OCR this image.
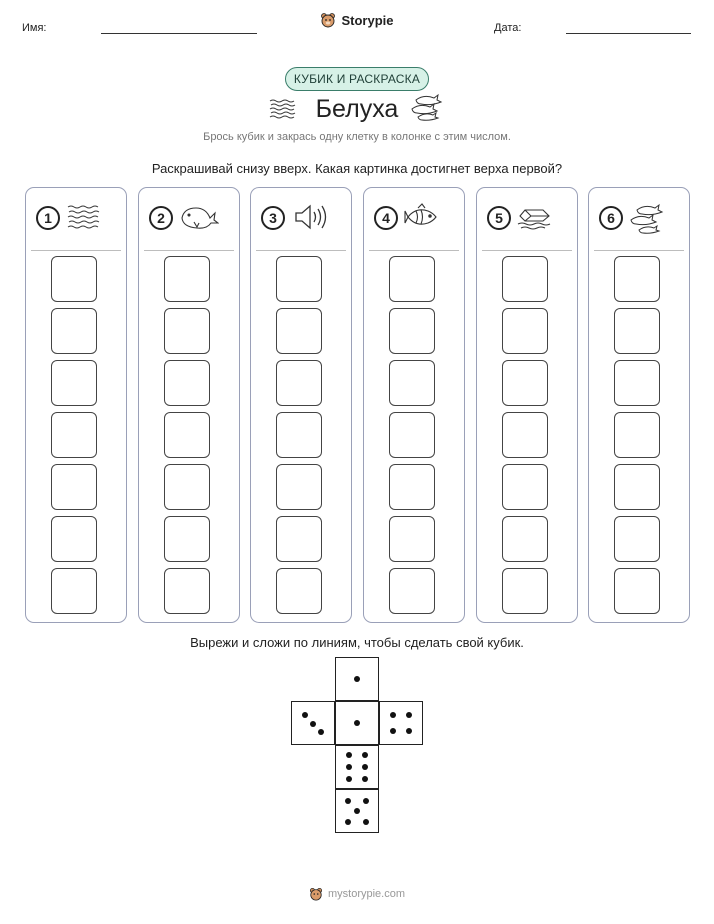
Имя:
Storypie
Дата:
КУБИК И РАСКРАСКА
Белуха
Брось кубик и закрась одну клетку в колонке с этим числом.
Раскрашивай снизу вверх. Какая картинка достигнет верха первой?
1	2	3	4	5	6
Вырежи и сложи по линиям, чтобы сделать свой кубик.
mystorypie.com
